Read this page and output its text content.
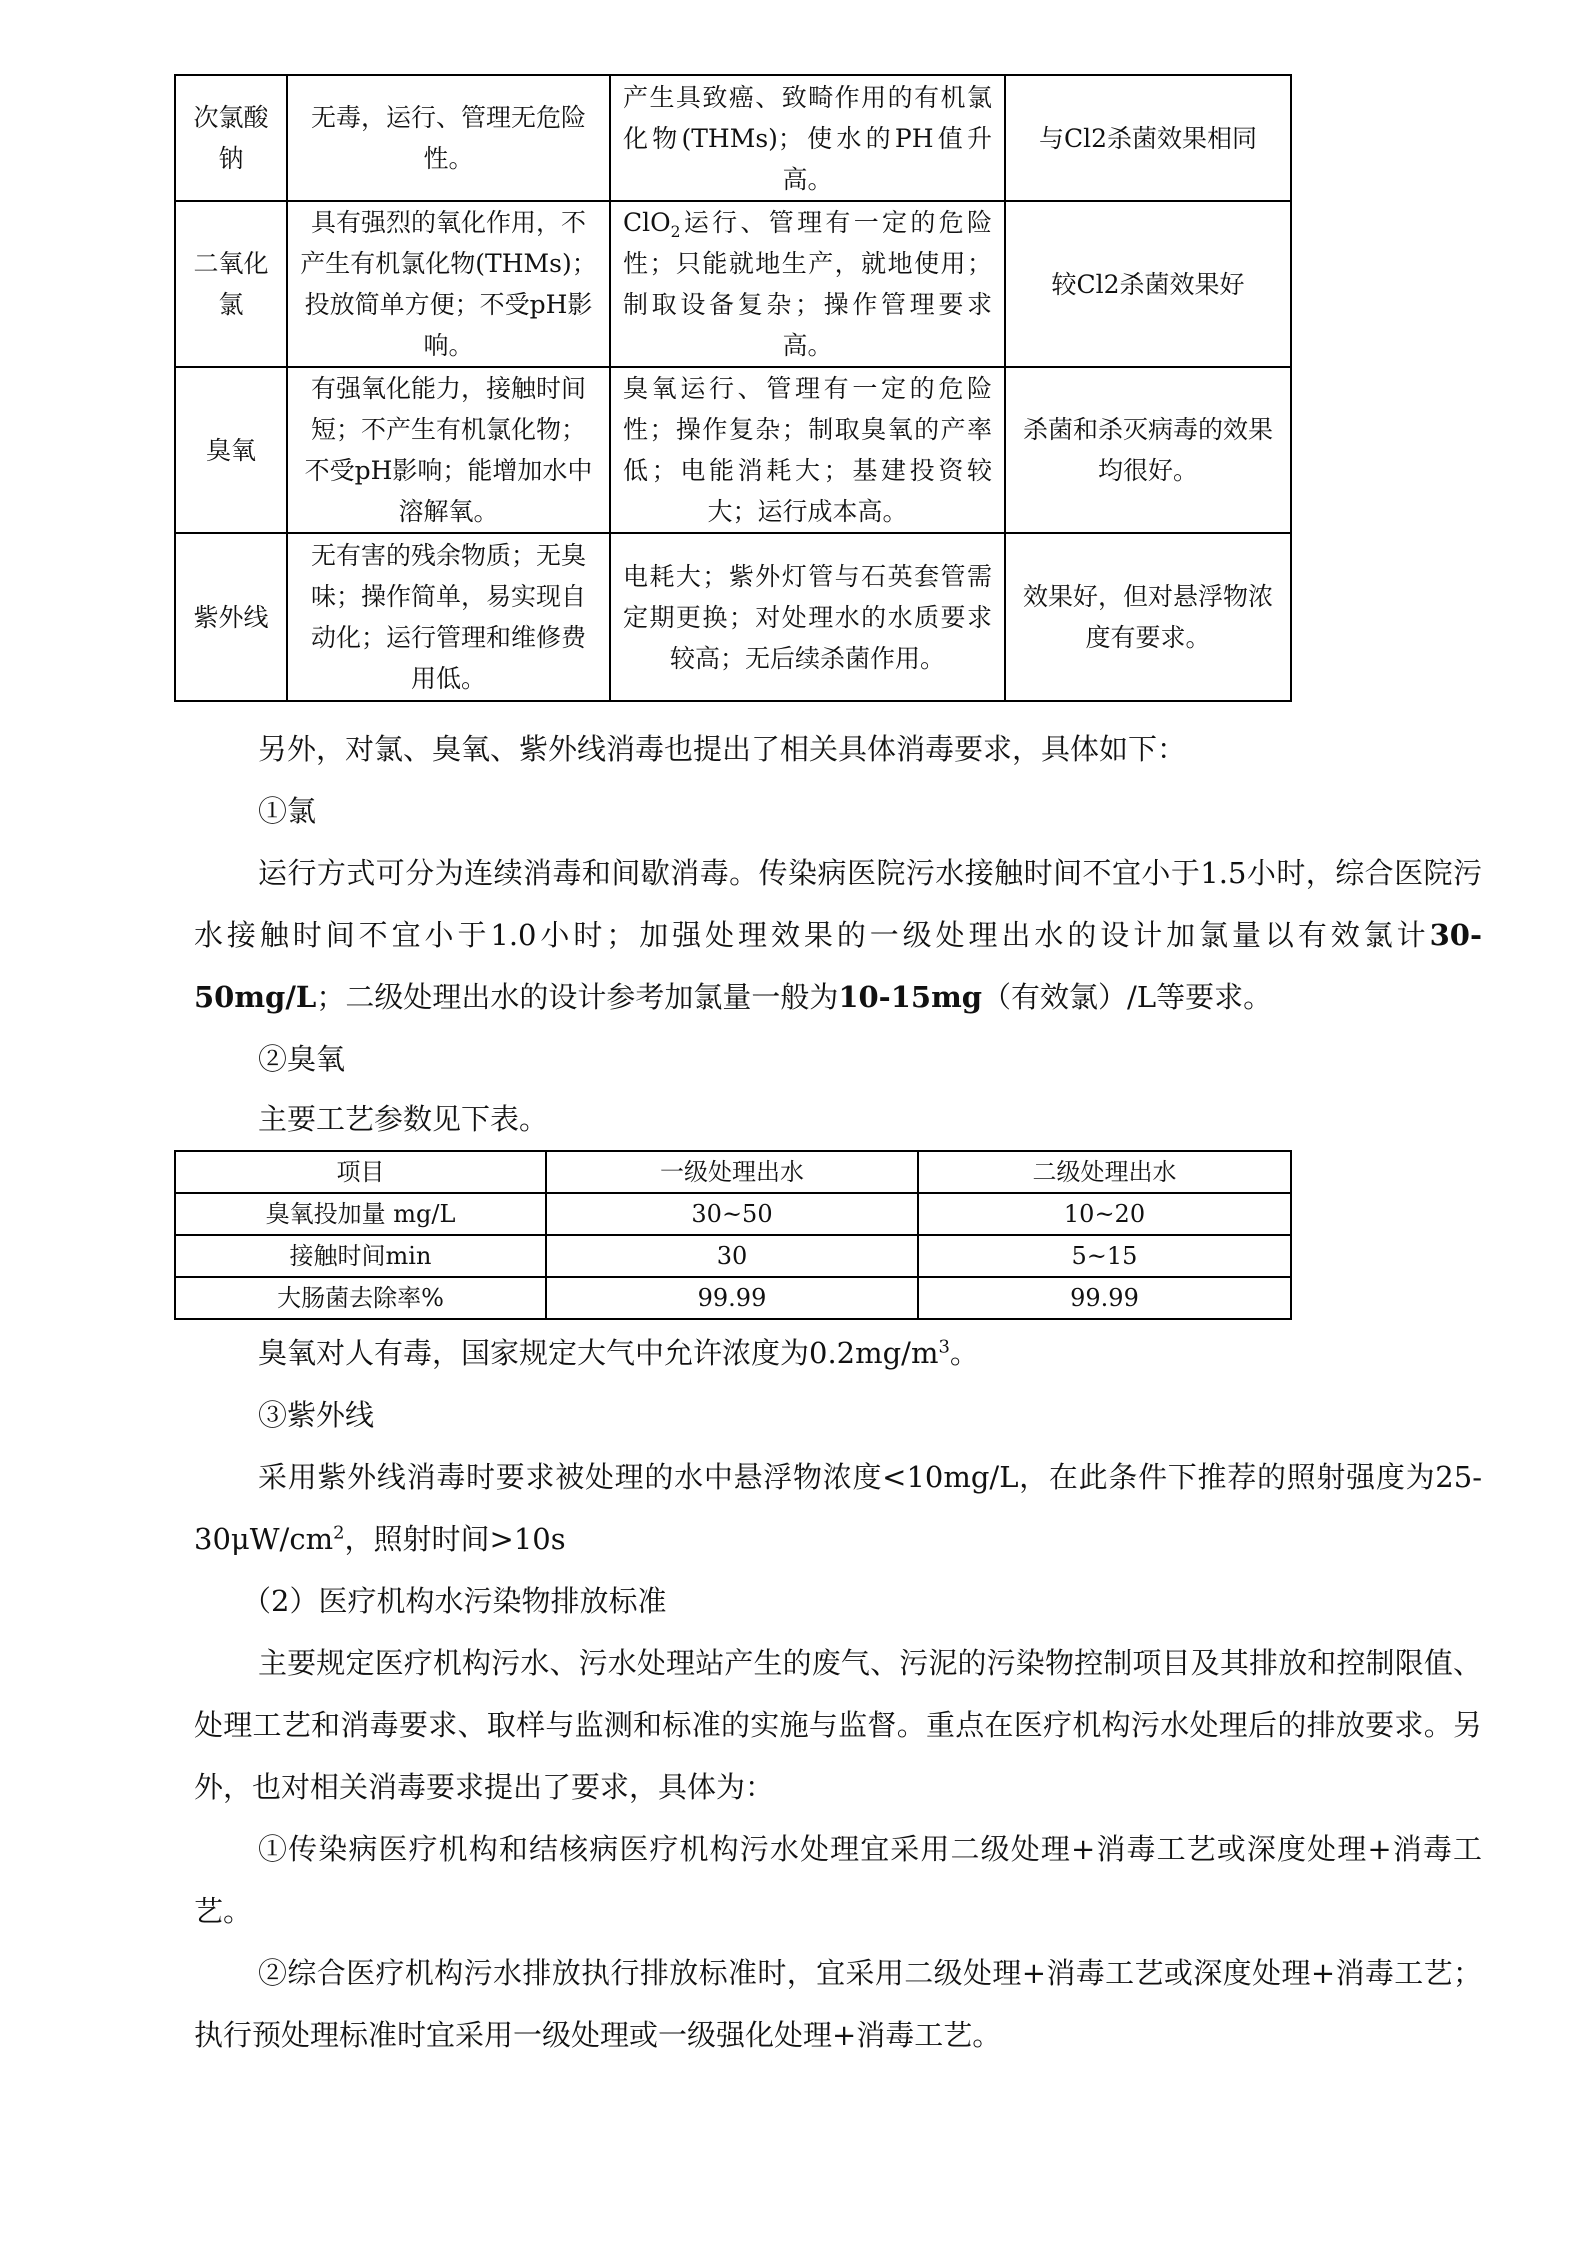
次氯酸钠	无毒，运行、管理无危险性。	产生具致癌、致畸作用的有机氯化物(THMs)；使水的PH值升高。	与Cl2杀菌效果相同
二氧化氯	具有强烈的氧化作用，不产生有机氯化物(THMs)；投放简单方便；不受pH影响。	ClO$_2$运行、管理有一定的危险性；只能就地生产，就地使用；制取设备复杂；操作管理要求高。	较Cl2杀菌效果好
臭氧	有强氧化能力，接触时间短；不产生有机氯化物；不受pH影响；能增加水中溶解氧。	臭氧运行、管理有一定的危险性；操作复杂；制取臭氧的产率低；电能消耗大；基建投资较大；运行成本高。	杀菌和杀灭病毒的效果均很好。
紫外线	无有害的残余物质；无臭味；操作简单，易实现自动化；运行管理和维修费用低。	电耗大；紫外灯管与石英套管需定期更换；对处理水的水质要求较高；无后续杀菌作用。	效果好，但对悬浮物浓度有要求。

另外，对氯、臭氧、紫外线消毒也提出了相关具体消毒要求，具体如下：

①氯

运行方式可分为连续消毒和间歇消毒。传染病医院污水接触时间不宜小于1.5小时，综合医院污水接触时间不宜小于1.0小时；加强处理效果的一级处理出水的设计加氯量以有效氯计30-50mg/L；二级处理出水的设计参考加氯量一般为10-15mg（有效氯）/L等要求。

②臭氧

主要工艺参数见下表。

项目	一级处理出水	二级处理出水
臭氧投加量 mg/L	30~50	10~20
接触时间min	30	5~15
大肠菌去除率%	99.99	99.99

臭氧对人有毒，国家规定大气中允许浓度为$0.2mg/m^3$。

③紫外线

采用紫外线消毒时要求被处理的水中悬浮物浓度<10mg/L，在此条件下推荐的照射强度为$25-30\mu W/cm^2$，照射时间>10s

（2）医疗机构水污染物排放标准

主要规定医疗机构污水、污水处理站产生的废气、污泥的污染物控制项目及其排放和控制限值、处理工艺和消毒要求、取样与监测和标准的实施与监督。重点在医疗机构污水处理后的排放要求。另外，也对相关消毒要求提出了要求，具体为：

①传染病医疗机构和结核病医疗机构污水处理宜采用二级处理+消毒工艺或深度处理+消毒工艺。

②综合医疗机构污水排放执行排放标准时，宜采用二级处理+消毒工艺或深度处理+消毒工艺；执行预处理标准时宜采用一级处理或一级强化处理+消毒工艺。
